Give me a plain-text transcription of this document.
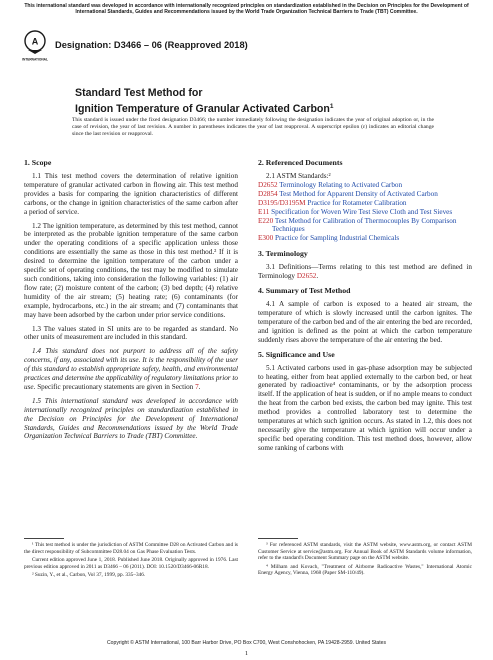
This international standard was developed in accordance with internationally recognized principles on standardization established in the Decision on Principles for the Development of International Standards, Guides and Recommendations issued by the World Trade Organization Technical Barriers to Trade (TBT) Committee.
A
INTERNATIONAL
Designation: D3466 – 06 (Reapproved 2018)
Standard Test Method for
Ignition Temperature of Granular Activated Carbon$^1$
This standard is issued under the fixed designation D3466; the number immediately following the designation indicates the year of original adoption or, in the case of revision, the year of last revision. A number in parentheses indicates the year of last reapproval. A superscript epsilon (ε) indicates an editorial change since the last revision or reapproval.
1. Scope

1.1 This test method covers the determination of relative ignition temperature of granular activated carbon in flowing air. This test method provides a basis for comparing the ignition characteristics of different carbons, or the change in ignition characteristics of the same carbon after a period of service.

1.2 The ignition temperature, as determined by this test method, cannot be interpreted as the probable ignition temperature of the same carbon under the operating conditions of a specific application unless those conditions are essentially the same as those in this test method.² If it is desired to determine the ignition temperature of the carbon under a specific set of operating conditions, the test may be modified to simulate such conditions, taking into consideration the following variables: (1) air flow rate; (2) moisture content of the carbon; (3) bed depth; (4) relative humidity of the air stream; (5) heating rate; (6) contaminants (for example, hydrocarbons, etc.) in the air stream; and (7) contaminants that may have been adsorbed by the carbon under prior service conditions.

1.3 The values stated in SI units are to be regarded as standard. No other units of measurement are included in this standard.

1.4 This standard does not purport to address all of the safety concerns, if any, associated with its use. It is the responsibility of the user of this standard to establish appropriate safety, health, and environmental practices and determine the applicability of regulatory limitations prior to use. Specific precautionary statements are given in Section 7.

1.5 This international standard was developed in accordance with internationally recognized principles on standardization established in the Decision on Principles for the Development of International Standards, Guides and Recommendations issued by the World Trade Organization Technical Barriers to Trade (TBT) Committee.

2. Referenced Documents

2.1 ASTM Standards:²

D2652 Terminology Relating to Activated Carbon
D2854 Test Method for Apparent Density of Activated Carbon
D3195/D3195M Practice for Rotameter Calibration
E11 Specification for Woven Wire Test Sieve Cloth and Test Sieves
E220 Test Method for Calibration of Thermocouples By Comparison Techniques
E300 Practice for Sampling Industrial Chemicals
3. Terminology

3.1 Definitions—Terms relating to this test method are defined in Terminology D2652.

4. Summary of Test Method

4.1 A sample of carbon is exposed to a heated air stream, the temperature of which is slowly increased until the carbon ignites. The temperature of the carbon bed and of the air entering the bed are recorded, and ignition is defined as the point at which the carbon temperature suddenly rises above the temperature of the air entering the bed.

5. Significance and Use

5.1 Activated carbons used in gas-phase adsorption may be subjected to heating, either from heat applied externally to the carbon bed, or heat generated by radioactive⁴ contaminants, or by the adsorption process itself. If the application of heat is sudden, or if no ample means to conduct the heat from the carbon bed exists, the carbon bed may ignite. This test method provides a controlled laboratory test to determine the temperatures at which such ignition occurs. As stated in 1.2, this does not necessarily give the temperature at which ignition will occur under a specific bed operating condition. This test method does, however, allow some ranking of carbons with

¹ This test method is under the jurisdiction of ASTM Committee D28 on Activated Carbon and is the direct responsibility of Subcommittee D28.04 on Gas Phase Evaluation Tests.

Current edition approved June 1, 2018. Published June 2018. Originally approved in 1976. Last previous edition approved in 2011 as D3466 – 06 (2011). DOI: 10.1520/D3466-06R18.

² Suzin, Y., et al., Carbon, Vol 37, 1999, pp. 335–346.

³ For referenced ASTM standards, visit the ASTM website, www.astm.org, or contact ASTM Customer Service at service@astm.org. For Annual Book of ASTM Standards volume information, refer to the standard's Document Summary page on the ASTM website.

⁴ Milham and Kovach, "Treatment of Airborne Radioactive Wastes," International Atomic Energy Agency, Vienna, 1968 (Paper SM-110/49).

Copyright © ASTM International, 100 Barr Harbor Drive, PO Box C700, West Conshohocken, PA 19428-2959. United States
1
